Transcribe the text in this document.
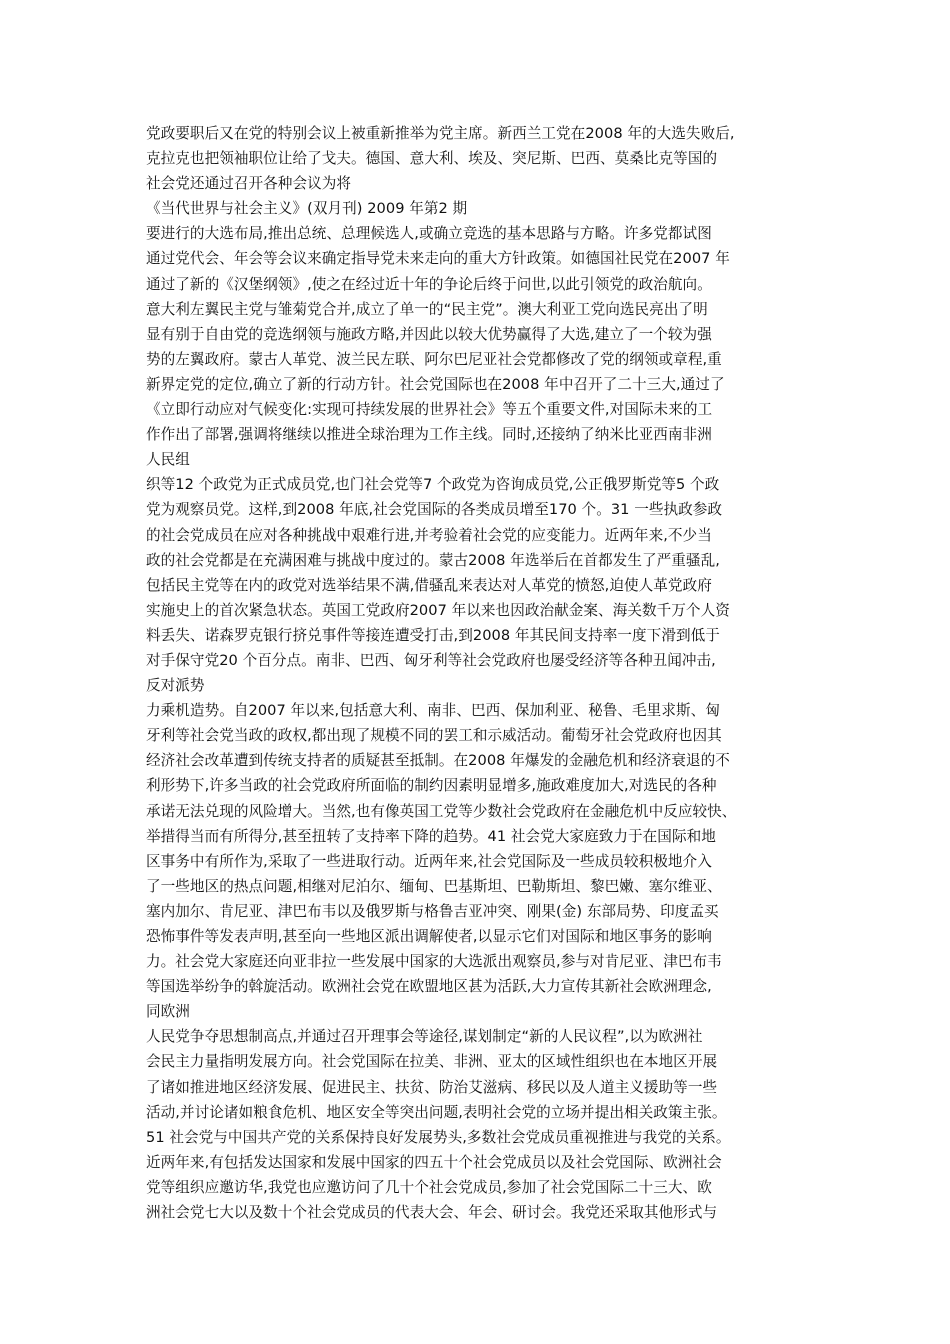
党政要职后又在党的特别会议上被重新推举为党主席。新西兰工党在2008 年的大选失败后,
克拉克也把领袖职位让给了戈夫。德国、意大利、埃及、突尼斯、巴西、莫桑比克等国的
社会党还通过召开各种会议为将
《当代世界与社会主义》(双月刊) 2009 年第2 期
要进行的大选布局,推出总统、总理候选人,或确立竞选的基本思路与方略。许多党都试图
通过党代会、年会等会议来确定指导党未来走向的重大方针政策。如德国社民党在2007 年
通过了新的《汉堡纲领》,使之在经过近十年的争论后终于问世,以此引领党的政治航向。
意大利左翼民主党与雏菊党合并,成立了单一的“民主党”。澳大利亚工党向选民亮出了明
显有别于自由党的竞选纲领与施政方略,并因此以较大优势赢得了大选,建立了一个较为强
势的左翼政府。蒙古人革党、波兰民左联、阿尔巴尼亚社会党都修改了党的纲领或章程,重
新界定党的定位,确立了新的行动方针。社会党国际也在2008 年中召开了二十三大,通过了
《立即行动应对气候变化:实现可持续发展的世界社会》等五个重要文件,对国际未来的工
作作出了部署,强调将继续以推进全球治理为工作主线。同时,还接纳了纳米比亚西南非洲
人民组
织等12 个政党为正式成员党,也门社会党等7 个政党为咨询成员党,公正俄罗斯党等5 个政
党为观察员党。这样,到2008 年底,社会党国际的各类成员增至170 个。31 一些执政参政
的社会党成员在应对各种挑战中艰难行进,并考验着社会党的应变能力。近两年来,不少当
政的社会党都是在充满困难与挑战中度过的。蒙古2008 年选举后在首都发生了严重骚乱,
包括民主党等在内的政党对选举结果不满,借骚乱来表达对人革党的愤怒,迫使人革党政府
实施史上的首次紧急状态。英国工党政府2007 年以来也因政治献金案、海关数千万个人资
料丢失、诺森罗克银行挤兑事件等接连遭受打击,到2008 年其民间支持率一度下滑到低于
对手保守党20 个百分点。南非、巴西、匈牙利等社会党政府也屡受经济等各种丑闻冲击,
反对派势
力乘机造势。自2007 年以来,包括意大利、南非、巴西、保加利亚、秘鲁、毛里求斯、匈
牙利等社会党当政的政权,都出现了规模不同的罢工和示威活动。葡萄牙社会党政府也因其
经济社会改革遭到传统支持者的质疑甚至抵制。在2008 年爆发的金融危机和经济衰退的不
利形势下,许多当政的社会党政府所面临的制约因素明显增多,施政难度加大,对选民的各种
承诺无法兑现的风险增大。当然,也有像英国工党等少数社会党政府在金融危机中反应较快、
举措得当而有所得分,甚至扭转了支持率下降的趋势。41 社会党大家庭致力于在国际和地
区事务中有所作为,采取了一些进取行动。近两年来,社会党国际及一些成员较积极地介入
了一些地区的热点问题,相继对尼泊尔、缅甸、巴基斯坦、巴勒斯坦、黎巴嫩、塞尔维亚、
塞内加尔、肯尼亚、津巴布韦以及俄罗斯与格鲁吉亚冲突、刚果(金) 东部局势、印度孟买
恐怖事件等发表声明,甚至向一些地区派出调解使者,以显示它们对国际和地区事务的影响
力。社会党大家庭还向亚非拉一些发展中国家的大选派出观察员,参与对肯尼亚、津巴布韦
等国选举纷争的斡旋活动。欧洲社会党在欧盟地区甚为活跃,大力宣传其新社会欧洲理念,
同欧洲
人民党争夺思想制高点,并通过召开理事会等途径,谋划制定“新的人民议程”,以为欧洲社
会民主力量指明发展方向。社会党国际在拉美、非洲、亚太的区域性组织也在本地区开展
了诸如推进地区经济发展、促进民主、扶贫、防治艾滋病、移民以及人道主义援助等一些
活动,并讨论诸如粮食危机、地区安全等突出问题,表明社会党的立场并提出相关政策主张。
51 社会党与中国共产党的关系保持良好发展势头,多数社会党成员重视推进与我党的关系。
近两年来,有包括发达国家和发展中国家的四五十个社会党成员以及社会党国际、欧洲社会
党等组织应邀访华,我党也应邀访问了几十个社会党成员,参加了社会党国际二十三大、欧
洲社会党七大以及数十个社会党成员的代表大会、年会、研讨会。我党还采取其他形式与
